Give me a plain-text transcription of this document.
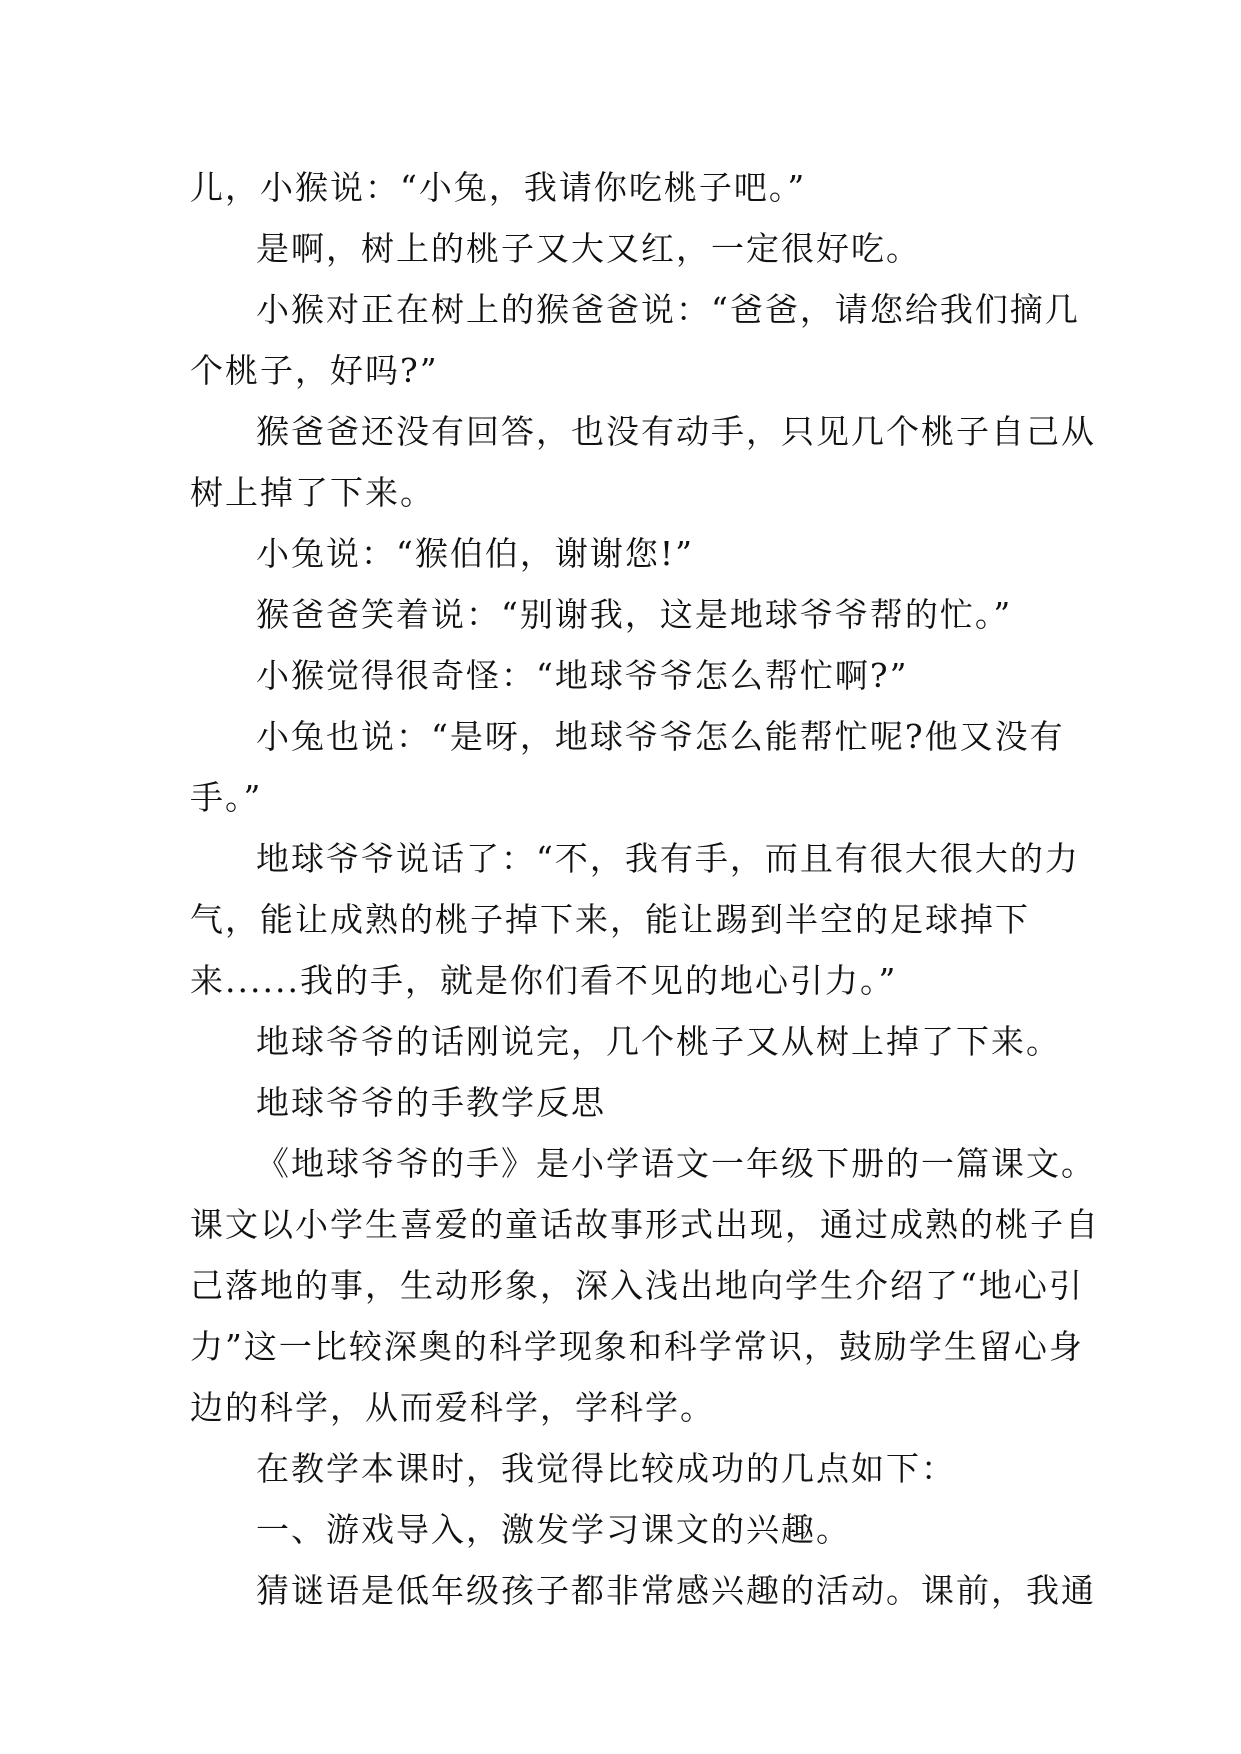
儿，小猴说：“小兔，我请你吃桃子吧。”

是啊，树上的桃子又大又红，一定很好吃。

小猴对正在树上的猴爸爸说：“爸爸，请您给我们摘几
个桃子，好吗?”

猴爸爸还没有回答，也没有动手，只见几个桃子自己从
树上掉了下来。

小兔说：“猴伯伯，谢谢您!”

猴爸爸笑着说：“别谢我，这是地球爷爷帮的忙。”

小猴觉得很奇怪：“地球爷爷怎么帮忙啊?”

小兔也说：“是呀，地球爷爷怎么能帮忙呢?他又没有
手。”

地球爷爷说话了：“不，我有手，而且有很大很大的力
气，能让成熟的桃子掉下来，能让踢到半空的足球掉下
来......我的手，就是你们看不见的地心引力。”

地球爷爷的话刚说完，几个桃子又从树上掉了下来。

地球爷爷的手教学反思

《地球爷爷的手》是小学语文一年级下册的一篇课文。
课文以小学生喜爱的童话故事形式出现，通过成熟的桃子自
己落地的事，生动形象，深入浅出地向学生介绍了“地心引
力”这一比较深奥的科学现象和科学常识，鼓励学生留心身
边的科学，从而爱科学，学科学。

在教学本课时，我觉得比较成功的几点如下：

一、游戏导入，激发学习课文的兴趣。

猜谜语是低年级孩子都非常感兴趣的活动。课前，我通
